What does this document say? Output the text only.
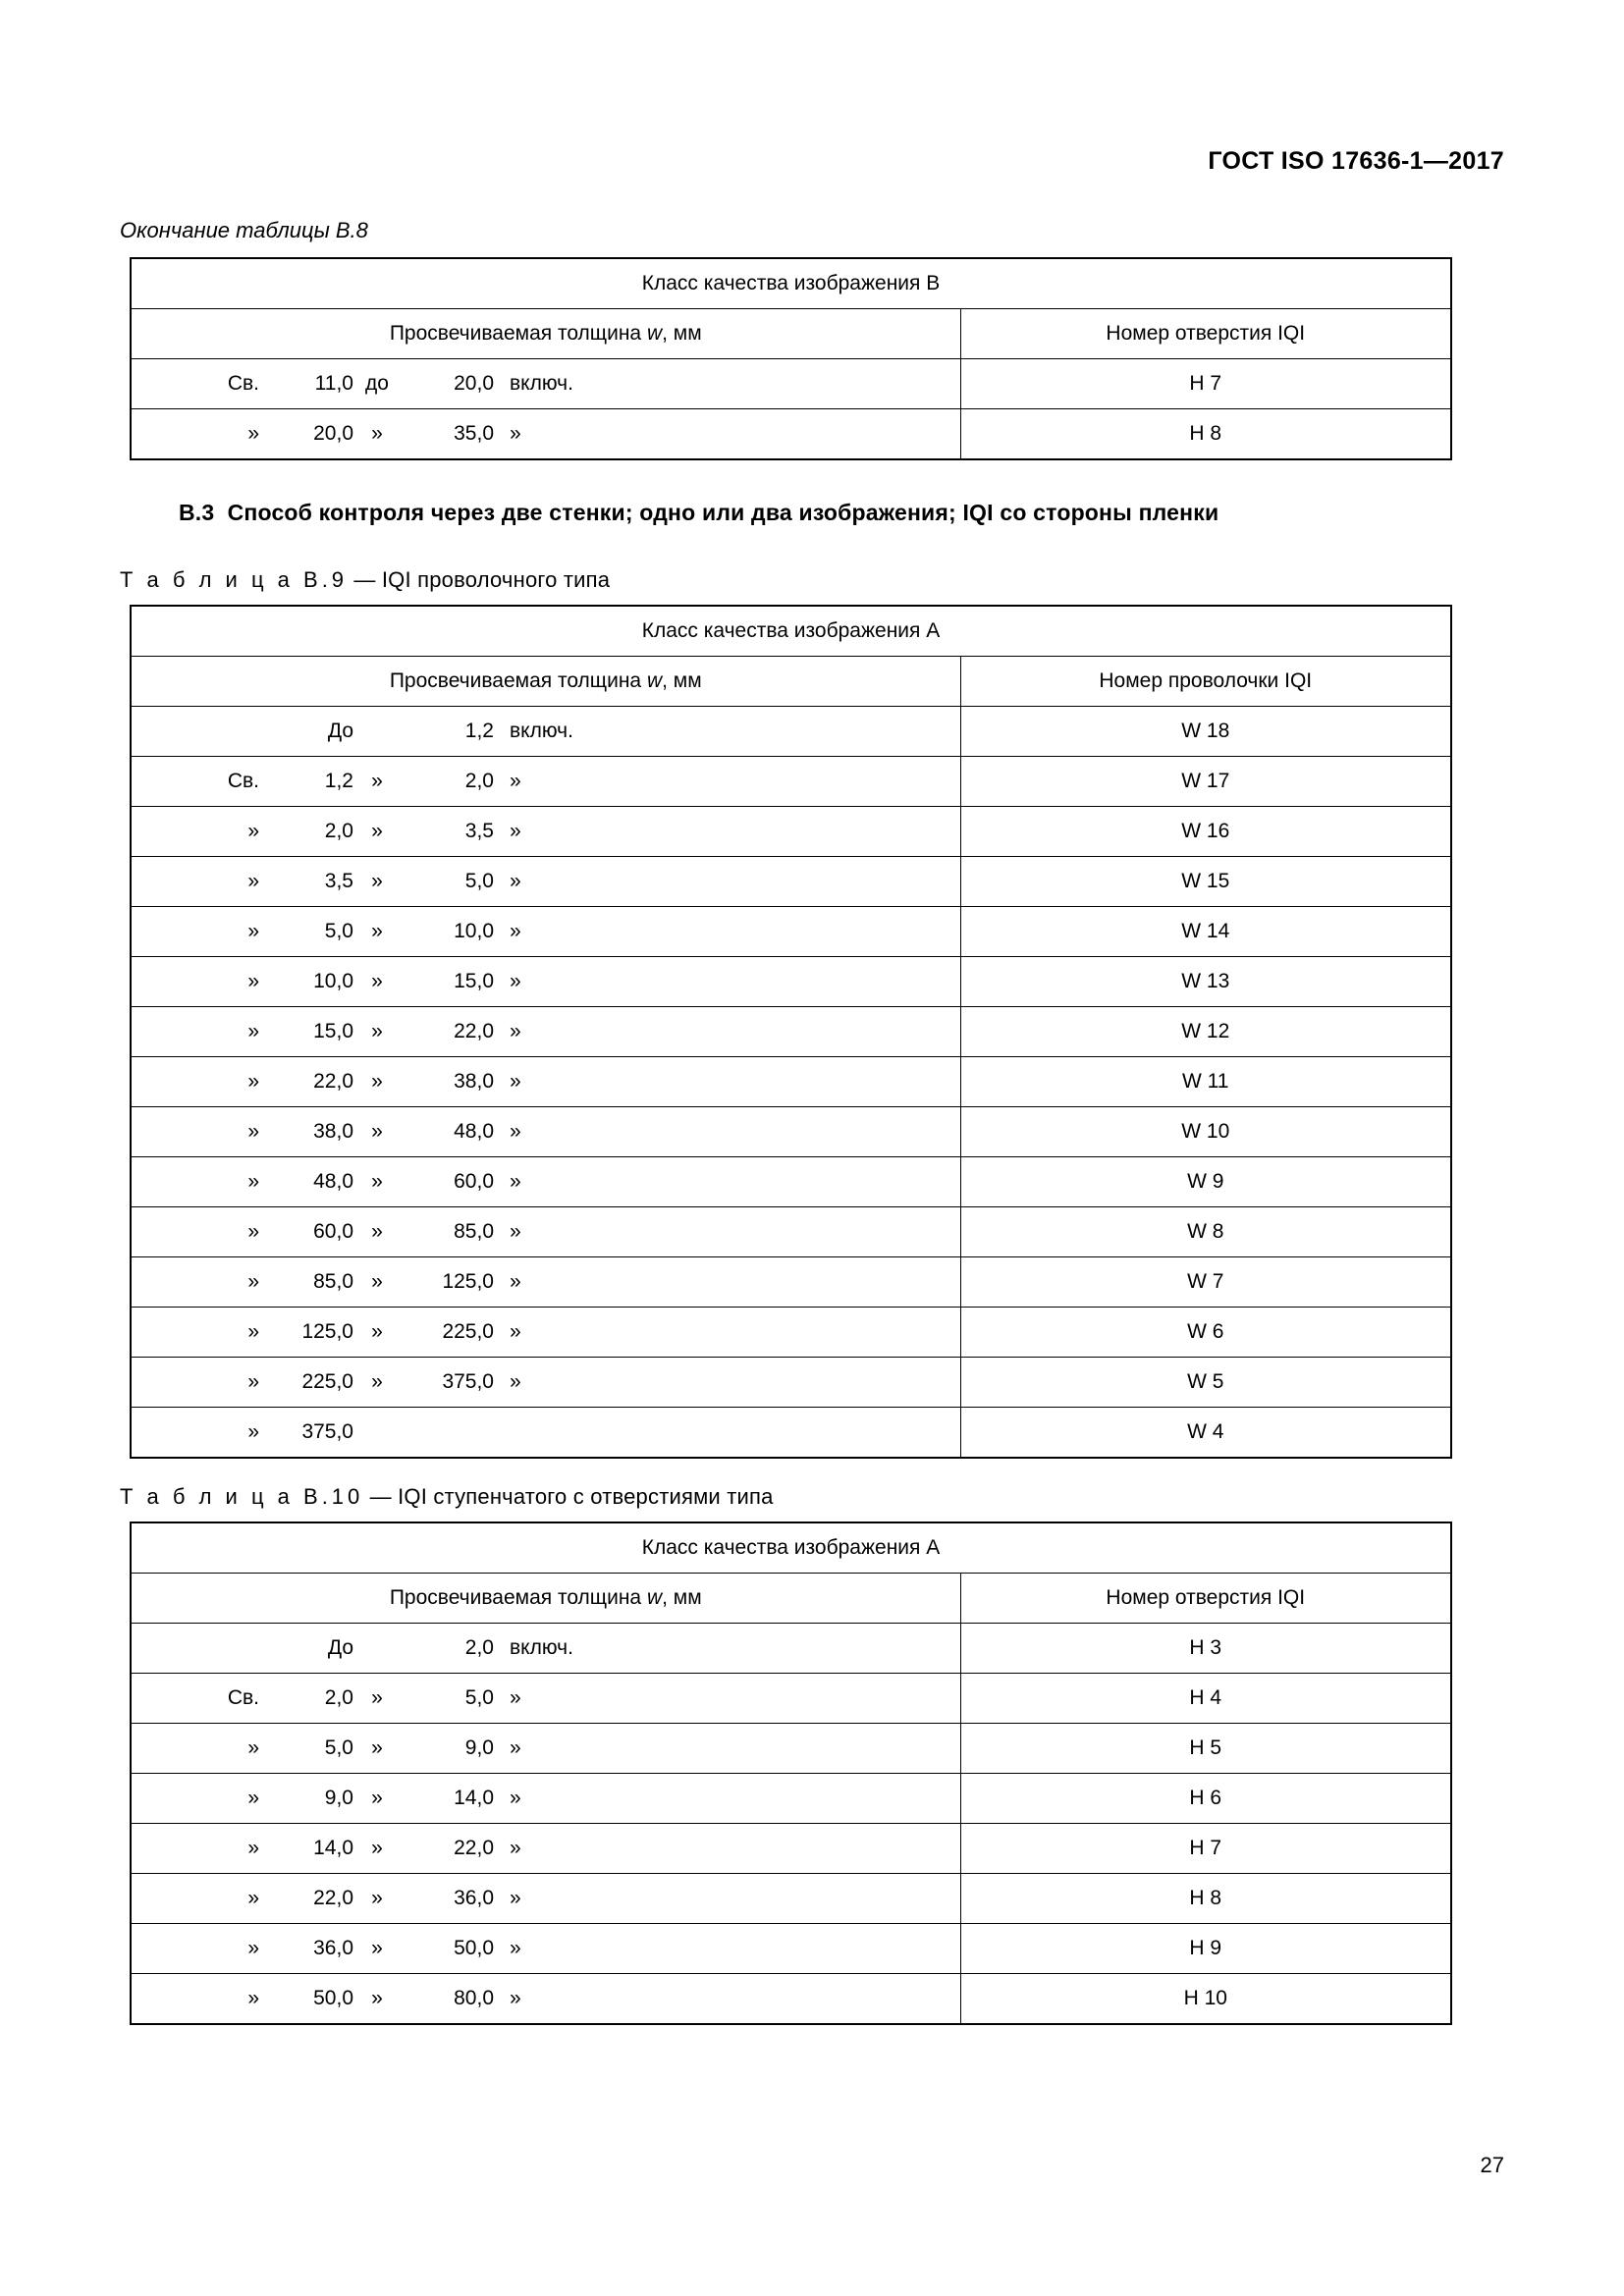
ГОСТ ISO 17636-1—2017
Окончание таблицы В.8
Класс качества изображения B	
Просвечиваемая толщина w, мм	Номер отверстия IQI

Св. 11,0 до 20,0 включ.	H 7

» 20,0 » 35,0 »	H 8
В.3 Способ контроля через две стенки; одно или два изображения; IQI со стороны пленки
Т а б л и ц а В.9 — IQI проволочного типа
Класс качества изображения A	
Просвечиваемая толщина w, мм	Номер проволочки IQI

До 1,2 включ.	W 18

Св. 1,2 » 2,0 »	W 17

» 2,0 » 3,5 »	W 16

» 3,5 » 5,0 »	W 15

» 5,0 » 10,0 »	W 14

» 10,0 » 15,0 »	W 13

» 15,0 » 22,0 »	W 12

» 22,0 » 38,0 »	W 11

» 38,0 » 48,0 »	W 10

» 48,0 » 60,0 »	W 9

» 60,0 » 85,0 »	W 8

» 85,0 » 125,0 »	W 7

» 125,0 » 225,0 »	W 6

» 225,0 » 375,0 »	W 5

» 375,0	W 4
Т а б л и ц а В.10 — IQI ступенчатого с отверстиями типа
Класс качества изображения A	
Просвечиваемая толщина w, мм	Номер отверстия IQI

До 2,0 включ.	H 3

Св. 2,0 » 5,0 »	H 4

» 5,0 » 9,0 »	H 5

» 9,0 » 14,0 »	H 6

» 14,0 » 22,0 »	H 7

» 22,0 » 36,0 »	H 8

» 36,0 » 50,0 »	H 9

» 50,0 » 80,0 »	H 10
27
